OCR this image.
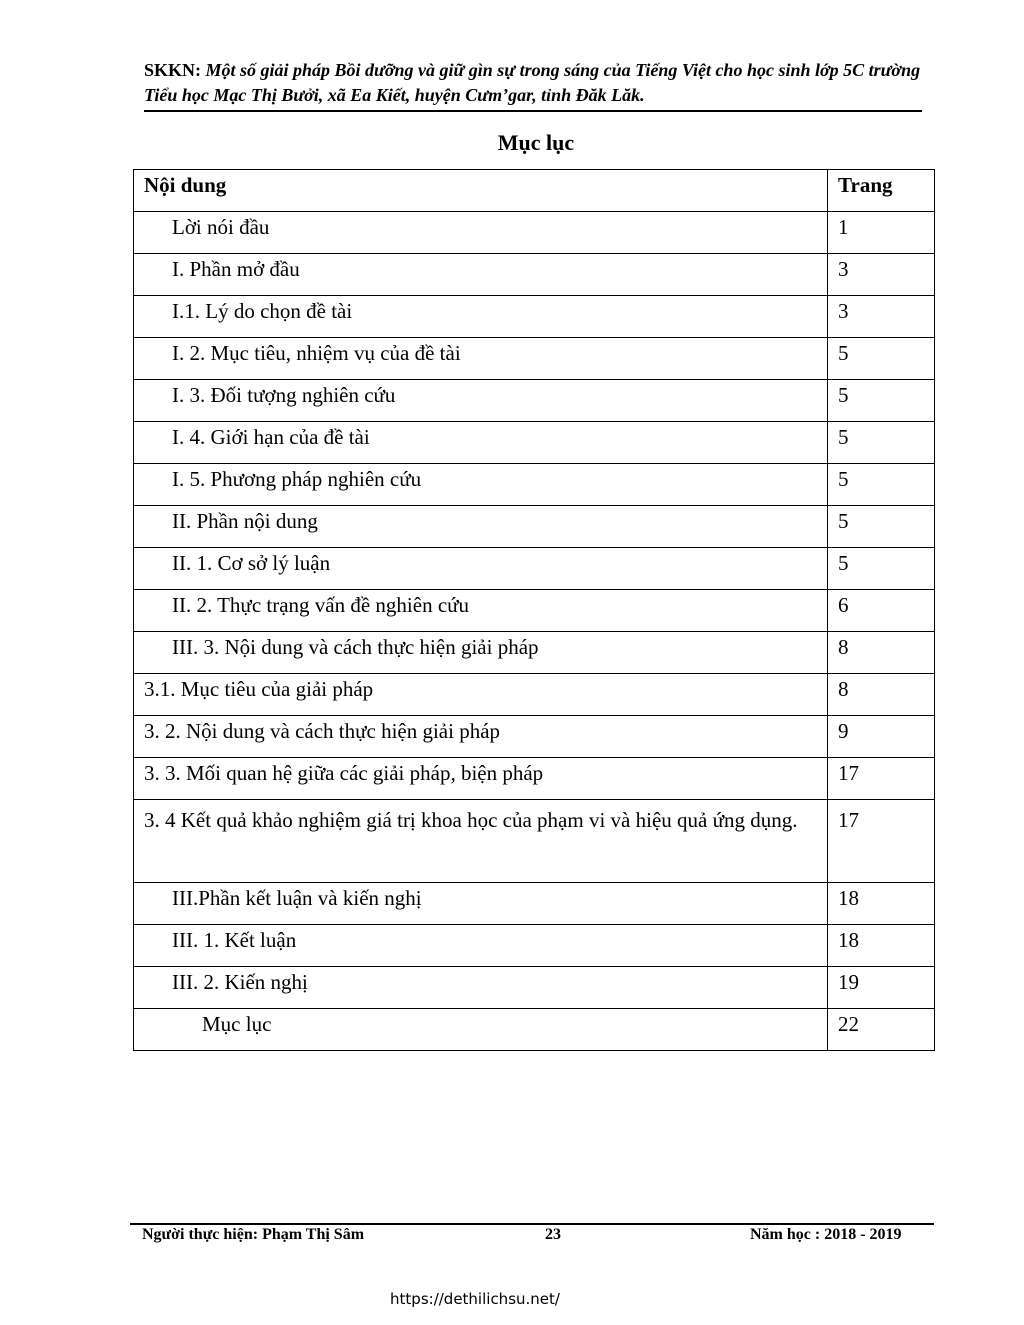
SKKN: Một số giải pháp Bồi dưỡng và giữ gìn sự trong sáng của Tiếng Việt cho học sinh lớp 5C trường Tiểu học Mạc Thị Bưởi, xã Ea Kiết, huyện Cưm’gar, tỉnh Đăk Lăk.
Mục lục
Nội dung	Trang
Lời nói đầu	1
I. Phần mở đầu	3
I.1. Lý do chọn đề tài	3
I. 2. Mục tiêu, nhiệm vụ của đề tài	5
I. 3. Đối tượng nghiên cứu	5
I. 4. Giới hạn của đề tài	5
I. 5. Phương pháp nghiên cứu	5
II. Phần nội dung	5
II. 1. Cơ sở lý luận	5
II. 2. Thực trạng vấn đề nghiên cứu	6
III. 3. Nội dung và cách thực hiện giải pháp	8
3.1. Mục tiêu của giải pháp	8
3. 2. Nội dung và cách thực hiện giải pháp	9
3. 3. Mối quan hệ giữa các giải pháp, biện pháp	17
3. 4 Kết quả khảo nghiệm giá trị khoa học của phạm vi và hiệu quả ứng dụng.	17
III.Phần kết luận và kiến nghị	18
III. 1. Kết luận	18
III. 2. Kiến nghị	19
Mục lục	22
Người thực hiện: Phạm Thị Sâm	23	Năm học : 2018 - 2019
https://dethilichsu.net/
